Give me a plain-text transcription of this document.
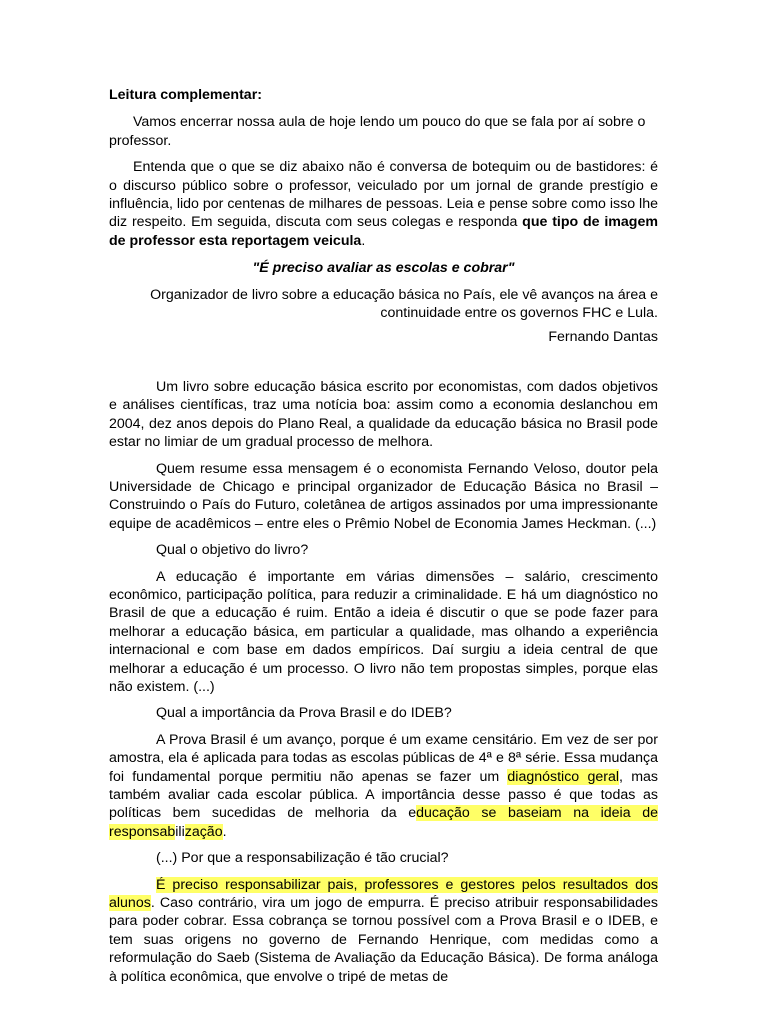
Leitura complementar:

Vamos encerrar nossa aula de hoje lendo um pouco do que se fala por aí sobre o professor.

Entenda que o que se diz abaixo não é conversa de botequim ou de bastidores: é o discurso público sobre o professor, veiculado por um jornal de grande prestígio e influência, lido por centenas de milhares de pessoas. Leia e pense sobre como isso lhe diz respeito. Em seguida, discuta com seus colegas e responda que tipo de imagem de professor esta reportagem veicula.

"É preciso avaliar as escolas e cobrar"

Organizador de livro sobre a educação básica no País, ele vê avanços na área e continuidade entre os governos FHC e Lula.

Fernando Dantas

Um livro sobre educação básica escrito por economistas, com dados objetivos e análises científicas, traz uma notícia boa: assim como a economia deslanchou em 2004, dez anos depois do Plano Real, a qualidade da educação básica no Brasil pode estar no limiar de um gradual processo de melhora.

Quem resume essa mensagem é o economista Fernando Veloso, doutor pela Universidade de Chicago e principal organizador de Educação Básica no Brasil – Construindo o País do Futuro, coletânea de artigos assinados por uma impressionante equipe de acadêmicos – entre eles o Prêmio Nobel de Economia James Heckman. (...)

Qual o objetivo do livro?

A educação é importante em várias dimensões – salário, crescimento econômico, participação política, para reduzir a criminalidade. E há um diagnóstico no Brasil de que a educação é ruim. Então a ideia é discutir o que se pode fazer para melhorar a educação básica, em particular a qualidade, mas olhando a experiência internacional e com base em dados empíricos. Daí surgiu a ideia central de que melhorar a educação é um processo. O livro não tem propostas simples, porque elas não existem. (...)

Qual a importância da Prova Brasil e do IDEB?

A Prova Brasil é um avanço, porque é um exame censitário. Em vez de ser por amostra, ela é aplicada para todas as escolas públicas de 4ª e 8ª série. Essa mudança foi fundamental porque permitiu não apenas se fazer um diagnóstico geral, mas também avaliar cada escolar pública. A importância desse passo é que todas as políticas bem sucedidas de melhoria da educação se baseiam na ideia de responsabilização.

(...) Por que a responsabilização é tão crucial?

É preciso responsabilizar pais, professores e gestores pelos resultados dos alunos. Caso contrário, vira um jogo de empurra. É preciso atribuir responsabilidades para poder cobrar. Essa cobrança se tornou possível com a Prova Brasil e o IDEB, e tem suas origens no governo de Fernando Henrique, com medidas como a reformulação do Saeb (Sistema de Avaliação da Educação Básica). De forma análoga à política econômica, que envolve o tripé de metas de
